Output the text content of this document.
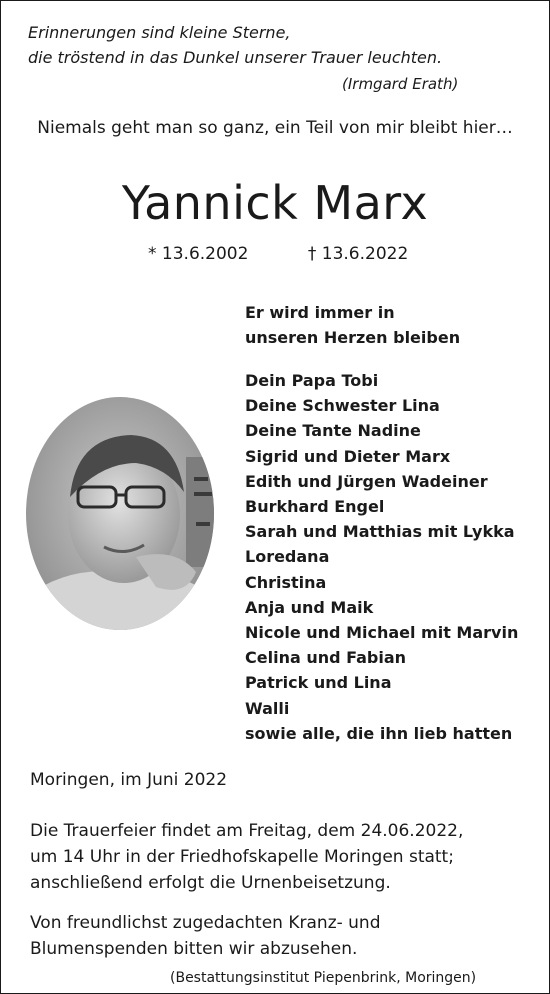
Erinnerungen sind kleine Sterne,
die tröstend in das Dunkel unserer Trauer leuchten.
(Irmgard Erath)
Niemals geht man so ganz, ein Teil von mir bleibt hier…
Yannick Marx
* 13.6.2002	† 13.6.2022
Er wird immer in
unseren Herzen bleiben
Dein Papa Tobi
Deine Schwester Lina
Deine Tante Nadine
Sigrid und Dieter Marx
Edith und Jürgen Wadeiner
Burkhard Engel
Sarah und Matthias mit Lykka
Loredana
Christina
Anja und Maik
Nicole und Michael mit Marvin
Celina und Fabian
Patrick und Lina
Walli
sowie alle, die ihn lieb hatten
Moringen, im Juni 2022
Die Trauerfeier findet am Freitag, dem 24.06.2022,
um 14 Uhr in der Friedhofskapelle Moringen statt;
anschließend erfolgt die Urnenbeisetzung.
Von freundlichst zugedachten Kranz- und
Blumenspenden bitten wir abzusehen.
(Bestattungsinstitut Piepenbrink, Moringen)
